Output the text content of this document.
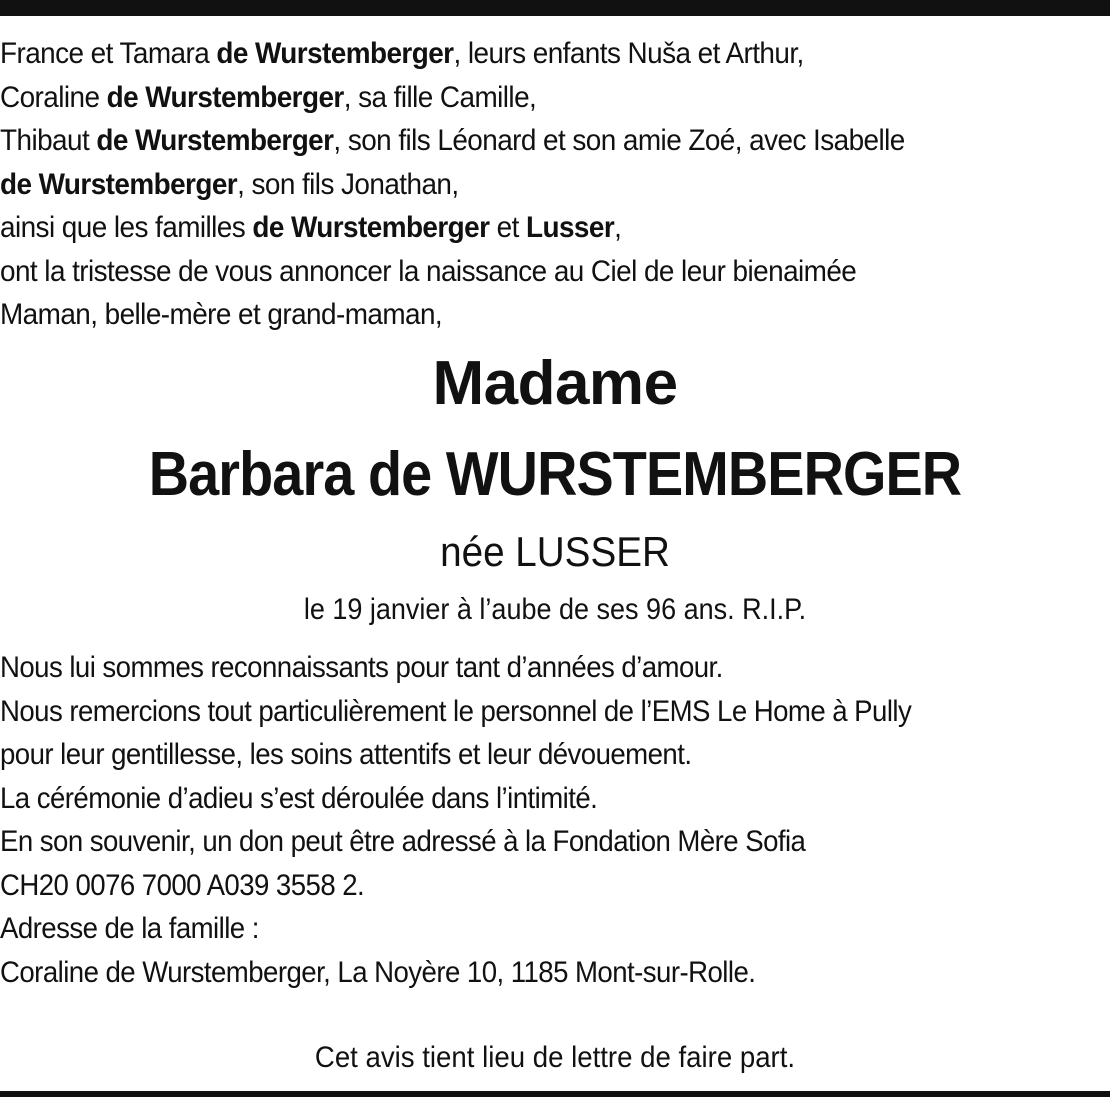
France et Tamara de Wurstemberger, leurs enfants Nuša et Arthur,
Coraline de Wurstemberger, sa fille Camille,
Thibaut de Wurstemberger, son fils Léonard et son amie Zoé, avec Isabelle
de Wurstemberger, son fils Jonathan,
ainsi que les familles de Wurstemberger et Lusser,
ont la tristesse de vous annoncer la naissance au Ciel de leur bienaimée
Maman, belle-mère et grand-maman,
Madame
Barbara de WURSTEMBERGER
née LUSSER
le 19 janvier à l’aube de ses 96 ans. R.I.P.
Nous lui sommes reconnaissants pour tant d’années d’amour.
Nous remercions tout particulièrement le personnel de l’EMS Le Home à Pully
pour leur gentillesse, les soins attentifs et leur dévouement.
La cérémonie d’adieu s’est déroulée dans l’intimité.
En son souvenir, un don peut être adressé à la Fondation Mère Sofia
CH20 0076 7000 A039 3558 2.
Adresse de la famille :
Coraline de Wurstemberger, La Noyère 10, 1185 Mont-sur-Rolle.
Cet avis tient lieu de lettre de faire part.
